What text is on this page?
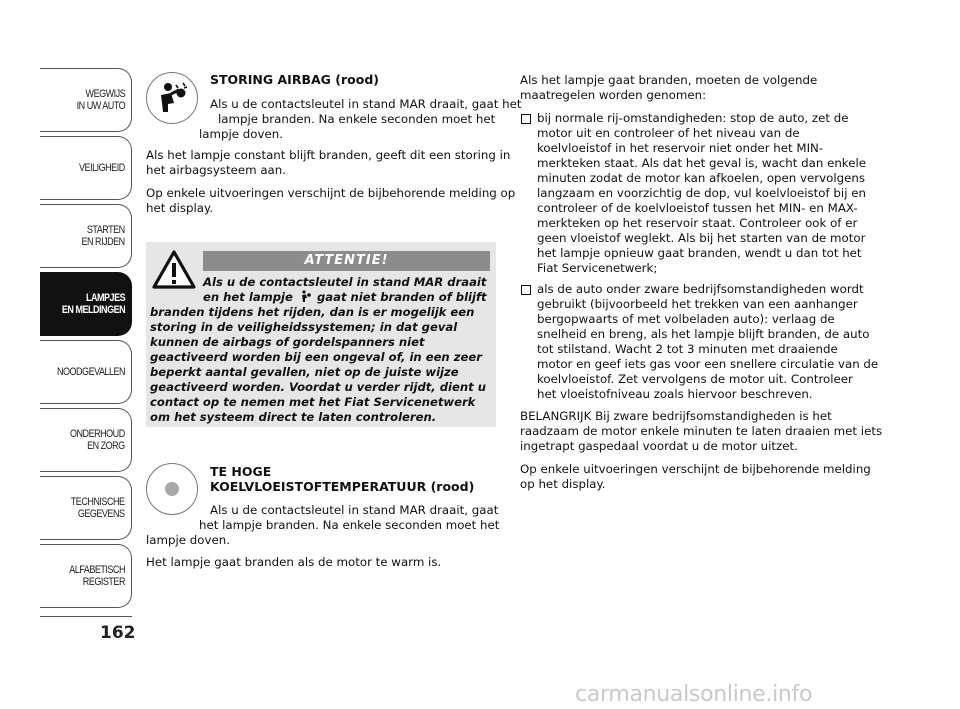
WEGWIJS
IN UW AUTO
VEILIGHEID
STARTEN
EN RIJDEN
LAMPJES
EN MELDINGEN
NOODGEVALLEN
ONDERHOUD
EN ZORG
TECHNISCHE
GEGEVENS
ALFABETISCH
REGISTER
162
STORING AIRBAG (rood)
Als u de contactsleutel in stand MAR draait, gaat het
lampje branden. Na enkele seconden moet het
lampje doven.
Als het lampje constant blijft branden, geeft dit een storing in
het airbagsysteem aan.
Op enkele uitvoeringen verschijnt de bijbehorende melding op
het display.
ATTENTIE!
Als u de contactsleutel in stand MAR draait
en het lampje gaat niet branden of blijft
branden tijdens het rijden, dan is er mogelijk een
storing in de veiligheidssystemen; in dat geval
kunnen de airbags of gordelspanners niet
geactiveerd worden bij een ongeval of, in een zeer
beperkt aantal gevallen, niet op de juiste wijze
geactiveerd worden. Voordat u verder rijdt, dient u
contact op te nemen met het Fiat Servicenetwerk
om het systeem direct te laten controleren.
TE HOGE
KOELVLOEISTOFTEMPERATUUR (rood)
Als u de contactsleutel in stand MAR draait, gaat
het lampje branden. Na enkele seconden moet het
lampje doven.
Het lampje gaat branden als de motor te warm is.
Als het lampje gaat branden, moeten de volgende
maatregelen worden genomen:
bij normale rij-omstandigheden: stop de auto, zet de
motor uit en controleer of het niveau van de
koelvloeistof in het reservoir niet onder het MIN-
merkteken staat. Als dat het geval is, wacht dan enkele
minuten zodat de motor kan afkoelen, open vervolgens
langzaam en voorzichtig de dop, vul koelvloeistof bij en
controleer of de koelvloeistof tussen het MIN- en MAX-
merkteken op het reservoir staat. Controleer ook of er
geen vloeistof weglekt. Als bij het starten van de motor
het lampje opnieuw gaat branden, wendt u dan tot het
Fiat Servicenetwerk;
als de auto onder zware bedrijfsomstandigheden wordt
gebruikt (bijvoorbeeld het trekken van een aanhanger
bergopwaarts of met volbeladen auto): verlaag de
snelheid en breng, als het lampje blijft branden, de auto
tot stilstand. Wacht 2 tot 3 minuten met draaiende
motor en geef iets gas voor een snellere circulatie van de
koelvloeistof. Zet vervolgens de motor uit. Controleer
het vloeistofniveau zoals hiervoor beschreven.
BELANGRIJK Bij zware bedrijfsomstandigheden is het
raadzaam de motor enkele minuten te laten draaien met iets
ingetrapt gaspedaal voordat u de motor uitzet.
Op enkele uitvoeringen verschijnt de bijbehorende melding
op het display.
carmanualsonline.info
